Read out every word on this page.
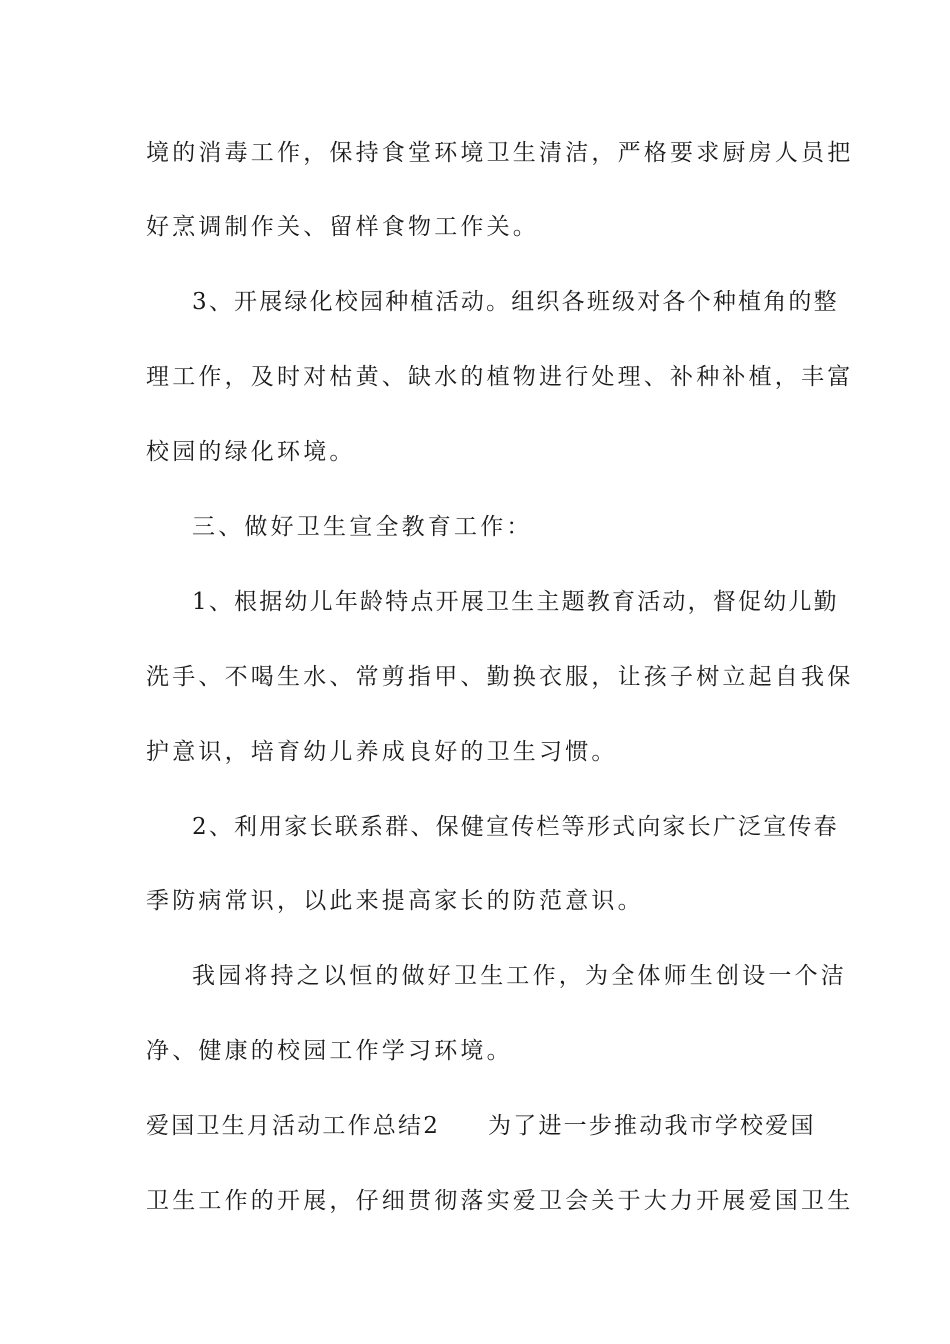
境的消毒工作，保持食堂环境卫生清洁，严格要求厨房人员把
好烹调制作关、留样食物工作关。
3、开展绿化校园种植活动。组织各班级对各个种植角的整
理工作，及时对枯黄、缺水的植物进行处理、补种补植，丰富
校园的绿化环境。
三、做好卫生宣全教育工作：
1、根据幼儿年龄特点开展卫生主题教育活动，督促幼儿勤
洗手、不喝生水、常剪指甲、勤换衣服，让孩子树立起自我保
护意识，培育幼儿养成良好的卫生习惯。
2、利用家长联系群、保健宣传栏等形式向家长广泛宣传春
季防病常识，以此来提高家长的防范意识。
我园将持之以恒的做好卫生工作，为全体师生创设一个洁
净、健康的校园工作学习环境。
爱国卫生月活动工作总结2 为了进一步推动我市学校爱国
卫生工作的开展，仔细贯彻落实爱卫会关于大力开展爱国卫生
